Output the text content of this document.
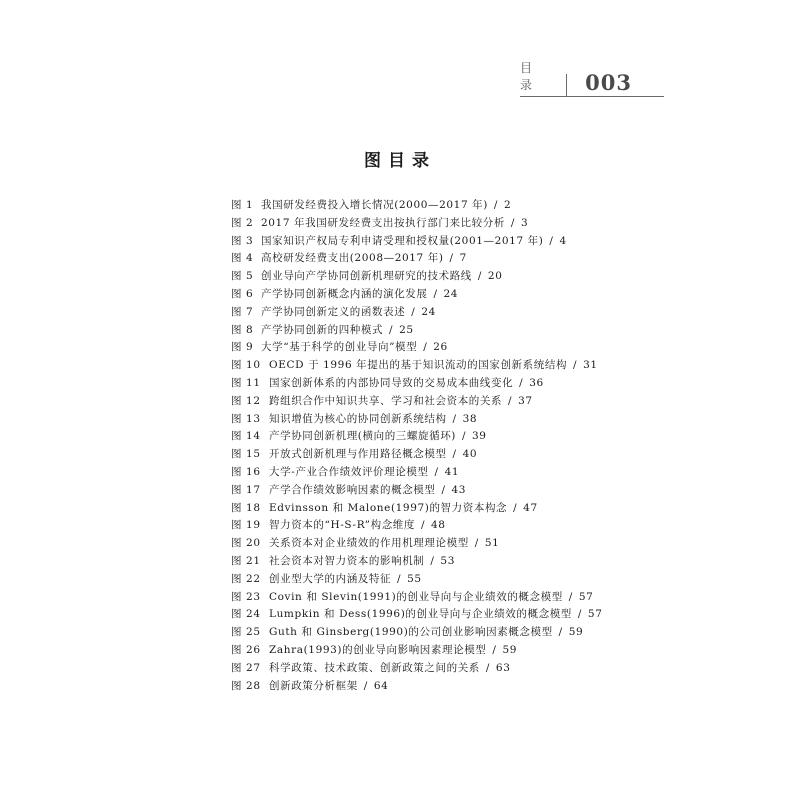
目 录	003
图目录
图 1 我国研发经费投入增长情况(2000—2017 年) / 2
图 2 2017 年我国研发经费支出按执行部门来比较分析 / 3
图 3 国家知识产权局专利申请受理和授权量(2001—2017 年) / 4
图 4 高校研发经费支出(2008—2017 年) / 7
图 5 创业导向产学协同创新机理研究的技术路线 / 20
图 6 产学协同创新概念内涵的演化发展 / 24
图 7 产学协同创新定义的函数表述 / 24
图 8 产学协同创新的四种模式 / 25
图 9 大学“基于科学的创业导向”模型 / 26
图 10 OECD 于 1996 年提出的基于知识流动的国家创新系统结构 / 31
图 11 国家创新体系的内部协同导致的交易成本曲线变化 / 36
图 12 跨组织合作中知识共享、学习和社会资本的关系 / 37
图 13 知识增值为核心的协同创新系统结构 / 38
图 14 产学协同创新机理(横向的三螺旋循环) / 39
图 15 开放式创新机理与作用路径概念模型 / 40
图 16 大学-产业合作绩效评价理论模型 / 41
图 17 产学合作绩效影响因素的概念模型 / 43
图 18 Edvinsson 和 Malone(1997)的智力资本构念 / 47
图 19 智力资本的“H-S-R”构念维度 / 48
图 20 关系资本对企业绩效的作用机理理论模型 / 51
图 21 社会资本对智力资本的影响机制 / 53
图 22 创业型大学的内涵及特征 / 55
图 23 Covin 和 Slevin(1991)的创业导向与企业绩效的概念模型 / 57
图 24 Lumpkin 和 Dess(1996)的创业导向与企业绩效的概念模型 / 57
图 25 Guth 和 Ginsberg(1990)的公司创业影响因素概念模型 / 59
图 26 Zahra(1993)的创业导向影响因素理论模型 / 59
图 27 科学政策、技术政策、创新政策之间的关系 / 63
图 28 创新政策分析框架 / 64
